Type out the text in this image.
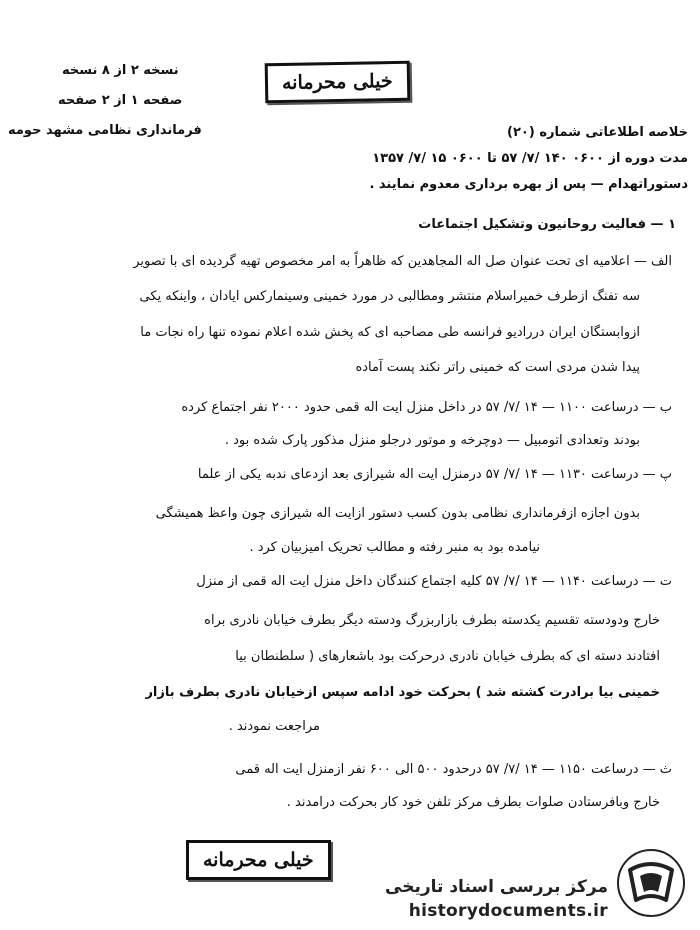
نسخه ۲ از ۸ نسخه
صفحه ۱ از ۲ صفحه
فرمانداری نظامی مشهد حومه
خیلی محرمانه
خلاصه اطلاعاتی شماره (۲۰)
مدت دوره از ۰۶۰۰ ۱۴۰ /۷/ ۵۷ تا ۰۶۰۰ ۱۵ /۷/ ۱۳۵۷
دستوراتهدام — پس از بهره برداری معدوم نمایند .
۱ — فعالیت روحانیون وتشکیل اجتماعات
الف — اعلامیه ای تحت عنوان صل اله المجاهدین که ظاهراً به امر مخصوص تهیه گردیده ای با تصویر
سه تفنگ ازطرف خمیراسلام منتشر ومطالبی در مورد خمینی وسینمارکس ایادان ، واینکه یکی
ازوابستگان ایران دررادیو فرانسه طی مصاحبه ای که پخش شده اعلام نموده تنها راه نجات ما
پیدا شدن مردی است که خمینی راتر نکند پست آماده
ب — درساعت ۱۱۰۰ — ۱۴ /۷/ ۵۷ در داخل منزل ایت اله قمی حدود ۲۰۰۰ نفر اجتماع کرده
بودند وتعدادی اتومبیل — دوچرخه و موتور درجلو منزل مذکور پارک شده بود .
پ — درساعت ۱۱۳۰ — ۱۴ /۷/ ۵۷ درمنزل ایت اله شیرازی بعد ازدعای ندبه یکی از علما
بدون اجازه ازفرمانداری نظامی بدون کسب دستور ازایت اله شیرازی چون واعظ همیشگی
نیامده بود به منبر رفته و مطالب تحریک امیزبیان کرد .
ت — درساعت ۱۱۴۰ — ۱۴ /۷/ ۵۷ کلیه اجتماع کنندگان داخل منزل ایت اله قمی از منزل
خارج ودودسته تقسیم یکدسته بطرف بازاربزرگ ودسته دیگر بطرف خیابان نادری براه
افتادند دسته ای که بطرف خیابان نادری درحرکت بود باشعارهای ( سلطنطان بیا
خمینی بیا برادرت کشته شد ) بحرکت خود ادامه سپس ازخیابان نادری بطرف بازار
مراجعت نمودند .
ث — درساعت ۱۱۵۰ — ۱۴ /۷/ ۵۷ درحدود ۵۰۰ الی ۶۰۰ نفر ازمنزل ایت اله قمی
خارج وبافرستادن صلوات بطرف مرکز تلفن خود کار بحرکت درامدند .
خیلی محرمانه
مرکز بررسی اسناد تاریخی
historydocuments.ir
